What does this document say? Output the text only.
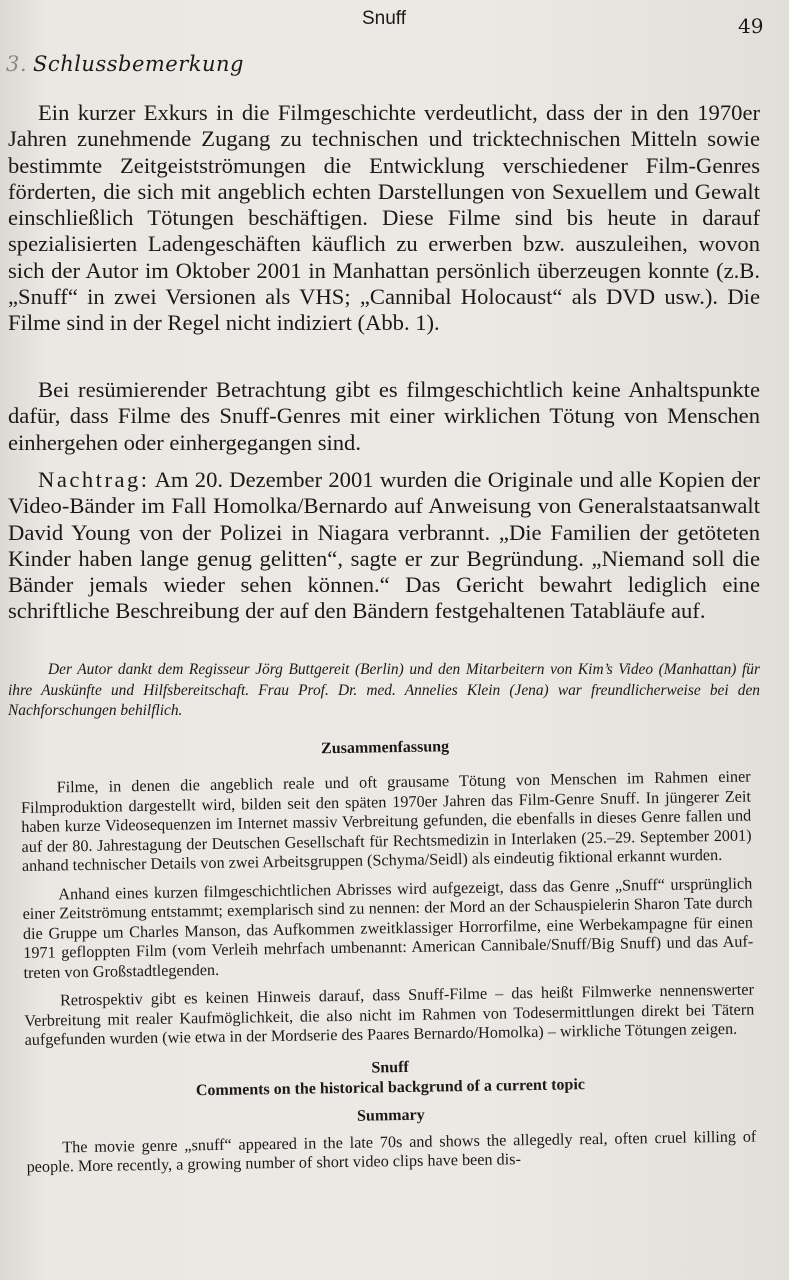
Snuff	49
3. Schlussbemerkung

Ein kurzer Exkurs in die Filmgeschichte verdeutlicht, dass der in den 1970er Jahren zunehmende Zugang zu technischen und tricktechnischen Mitteln sowie bestimmte Zeitgeistströmungen die Entwicklung verschiedener Film-Genres förderten, die sich mit angeblich echten Darstellungen von Sexuellem und Gewalt einschließlich Tötungen beschäftigen. Diese Filme sind bis heute in darauf spezialisierten Ladengeschäften käuflich zu erwerben bzw. auszuleihen, wovon sich der Autor im Oktober 2001 in Manhattan persönlich überzeugen konnte (z.B. „Snuff“ in zwei Versionen als VHS; „Cannibal Holocaust“ als DVD usw.). Die Filme sind in der Regel nicht indiziert (Abb. 1).

Bei resümierender Betrachtung gibt es filmgeschichtlich keine Anhaltspunkte dafür, dass Filme des Snuff-Genres mit einer wirklichen Tötung von Menschen einhergehen oder einhergegangen sind.

Nachtrag: Am 20. Dezember 2001 wurden die Originale und alle Kopien der Video-Bänder im Fall Homolka/Bernardo auf Anweisung von Generalstaatsanwalt David Young von der Polizei in Niagara verbrannt. „Die Familien der getöteten Kinder haben lange genug gelitten“, sagte er zur Begründung. „Niemand soll die Bänder jemals wieder sehen können.“ Das Gericht bewahrt lediglich eine schriftliche Beschreibung der auf den Bändern festgehaltenen Tatabläufe auf.

Der Autor dankt dem Regisseur Jörg Buttgereit (Berlin) und den Mitarbeitern von Kim’s Video (Manhattan) für ihre Auskünfte und Hilfsbereitschaft. Frau Prof. Dr. med. Annelies Klein (Jena) war freundlicherweise bei den Nachforschungen behilflich.

Zusammenfassung

Filme, in denen die angeblich reale und oft grausame Tötung von Menschen im Rahmen einer Filmproduktion dargestellt wird, bilden seit den späten 1970er Jahren das Film-Genre Snuff. In jüngerer Zeit haben kurze Videosequenzen im Internet massiv Verbreitung gefunden, die ebenfalls in dieses Genre fallen und auf der 80. Jahrestagung der Deutschen Gesellschaft für Rechtsmedizin in Interlaken (25.–29. September 2001) anhand technischer Details von zwei Arbeitsgruppen (Schyma/Seidl) als eindeutig fiktional erkannt wurden.

Anhand eines kurzen filmgeschichtlichen Abrisses wird aufgezeigt, dass das Genre „Snuff“ ursprünglich einer Zeitströmung entstammt; exemplarisch sind zu nennen: der Mord an der Schauspielerin Sharon Tate durch die Gruppe um Charles Manson, das Aufkommen zweitklassiger Horrorfilme, eine Werbekampagne für einen 1971 gefloppten Film (vom Verleih mehrfach umbenannt: American Cannibale/Snuff/Big Snuff) und das Auftreten von Großstadtlegenden.

Retrospektiv gibt es keinen Hinweis darauf, dass Snuff-Filme – das heißt Filmwerke nennenswerter Verbreitung mit realer Kaufmöglichkeit, die also nicht im Rahmen von Todesermittlungen direkt bei Tätern aufgefunden wurden (wie etwa in der Mordserie des Paares Bernardo/Homolka) – wirkliche Tötungen zeigen.

Snuff
Comments on the historical backgrund of a current topic
Summary

The movie genre „snuff“ appeared in the late 70s and shows the allegedly real, often cruel killing of people. More recently, a growing number of short video clips have been dis-
